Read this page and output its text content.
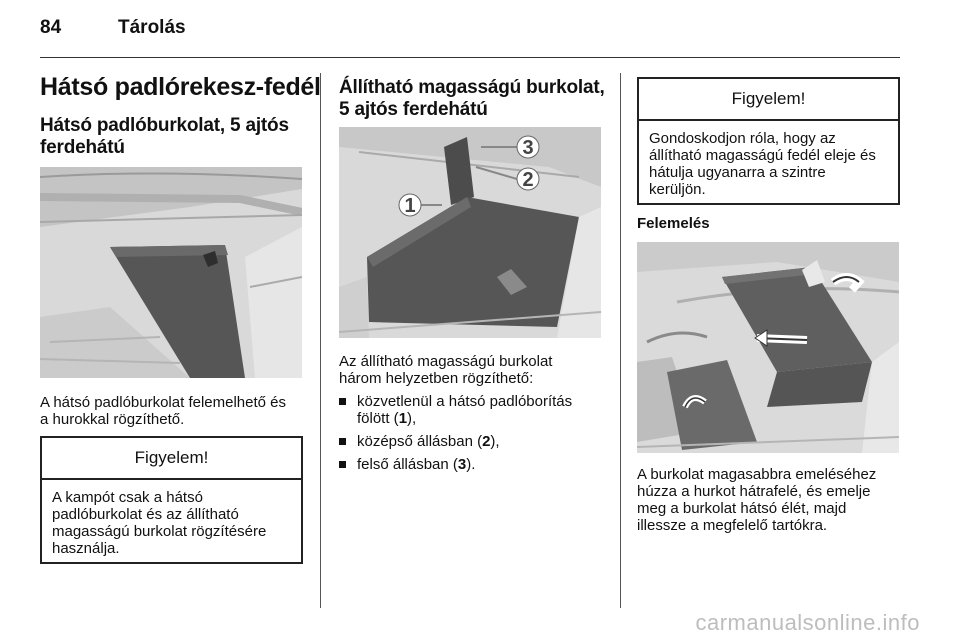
84	Tárolás
Hátsó padlórekesz-fedél
Hátsó padlóburkolat, 5 ajtós
ferdehátú

A hátsó padlóburkolat felemelhető és
a hurokkal rögzíthető.

Figyelem!
A kampót csak a hátsó
padlóburkolat és az állítható
magasságú burkolat rögzítésére
használja.
Állítható magasságú burkolat,
5 ajtós ferdehátú
3
2
1

Az állítható magasságú burkolat
három helyzetben rögzíthető:

közvetlenül a hátsó padlóborítás
fölött (1),
középső állásban (2),
felső állásban (3).
Figyelem!
Gondoskodjon róla, hogy az
állítható magasságú fedél eleje és
hátulja ugyanarra a szintre
kerüljön.
Felemelés

A burkolat magasabbra emeléséhez
húzza a hurkot hátrafelé, és emelje
meg a burkolat hátsó élét, majd
illessze a megfelelő tartókra.

carmanualsonline.info
